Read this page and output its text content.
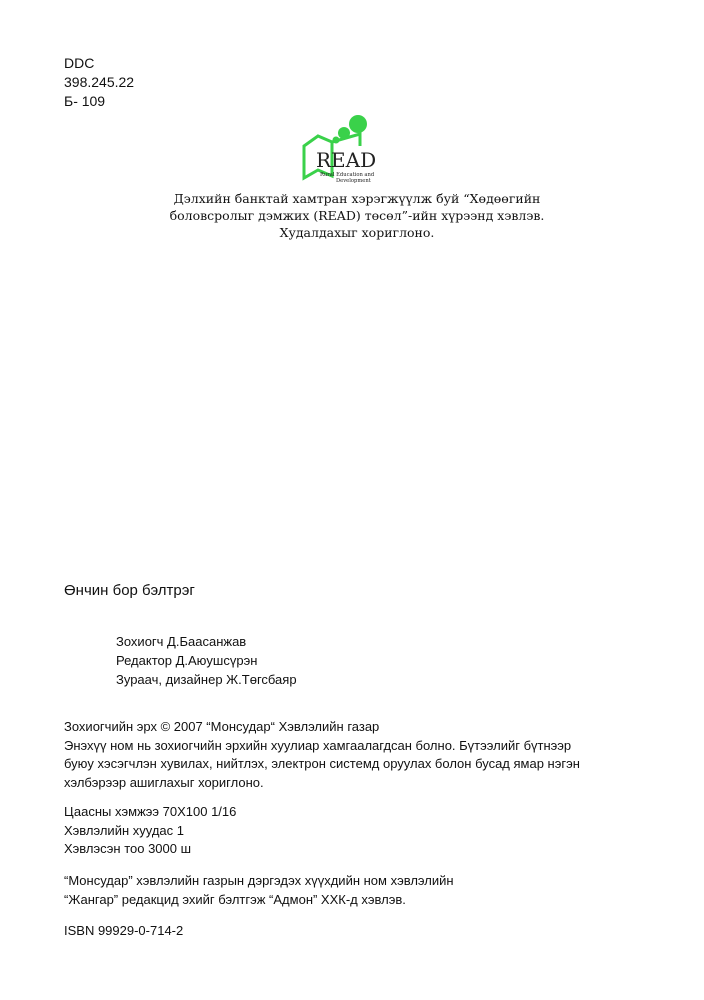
DDC
398.245.22
Б- 109
READ
Rural Education and
Development
Дэлхийн банктай хамтран хэрэгжүүлж буй “Хөдөөгийн
боловсролыг дэмжих (READ) төсөл”-ийн хүрээнд хэвлэв.
Худалдахыг хориглоно.
Өнчин бор бэлтрэг
Зохиогч Д.Баасанжав
Редактор Д.Аюушсүрэн
Зураач, дизайнер Ж.Төгсбаяр
Зохиогчийн эрх © 2007 “Монсудар“ Хэвлэлийн газар
Энэхүү ном нь зохиогчийн эрхийн хуулиар хамгаалагдсан болно. Бүтээлийг бүтнээр
буюу хэсэгчлэн хувилах, нийтлэх, электрон системд оруулах болон бусад ямар нэгэн
хэлбэрээр ашиглахыг хориглоно.
Цаасны хэмжээ 70X100 1/16
Хэвлэлийн хуудас 1
Хэвлэсэн тоо 3000 ш
“Монсудар” хэвлэлийн газрын дэргэдэх хүүхдийн ном хэвлэлийн
“Жангар” редакцид эхийг бэлтгэж “Адмон” ХХК-д хэвлэв.
ISBN 99929-0-714-2
